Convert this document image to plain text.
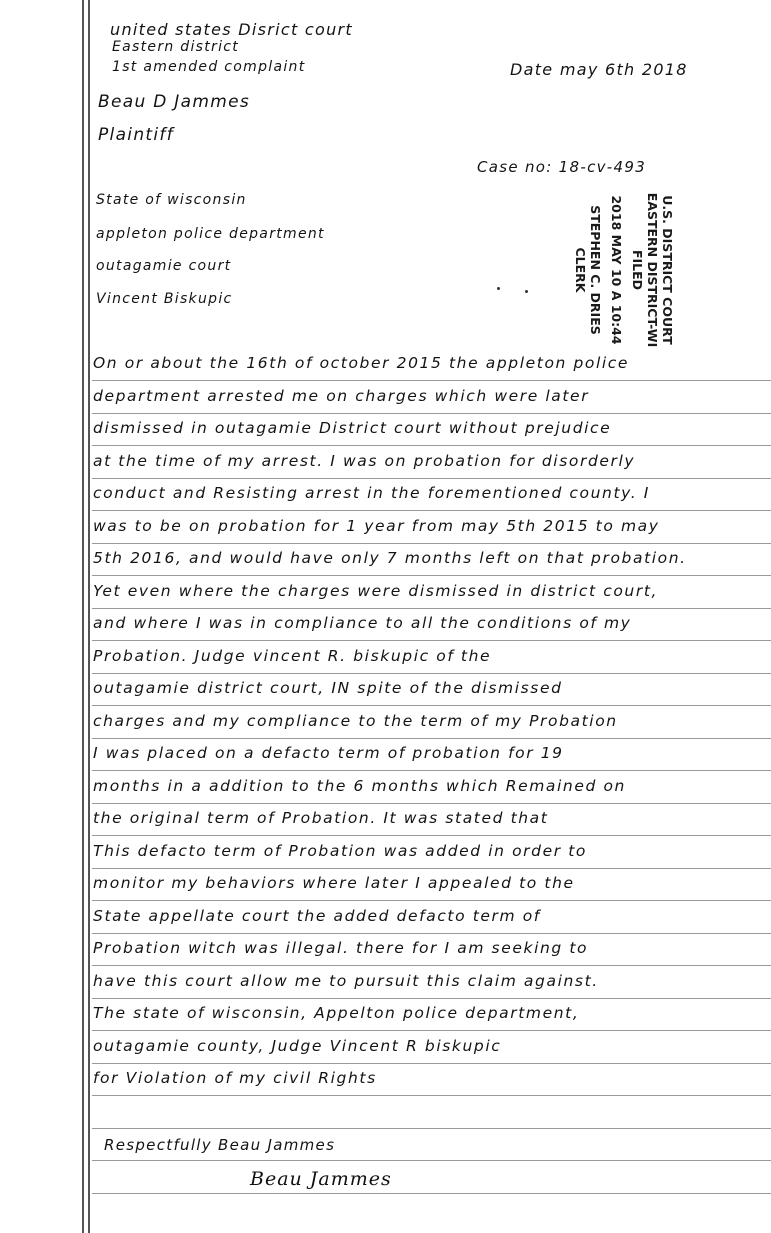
united states Disrict court
Eastern district
1st amended complaint	Date may 6th 2018
Beau D Jammes
Plaintiff
Case no: 18-cv-493
State of wisconsin
appleton police department
outagamie court
Vincent Biskupic	U.S. DISTRICT COURT
EASTERN DISTRICT-WI
FILED
2018 MAY 10 A 10:44
STEPHEN C. DRIES
CLERK
On or about the 16th of october 2015 the appleton police
department arrested me on charges which were later
dismissed in outagamie District court without prejudice
at the time of my arrest. I was on probation for disorderly
conduct and Resisting arrest in the forementioned county. I
was to be on probation for 1 year from may 5th 2015 to may
5th 2016, and would have only 7 months left on that probation.
Yet even where the charges were dismissed in district court,
and where I was in compliance to all the conditions of my
Probation. Judge vincent R. biskupic of the
outagamie district court, IN spite of the dismissed
charges and my compliance to the term of my Probation
I was placed on a defacto term of probation for 19
months in a addition to the 6 months which Remained on
the original term of Probation. It was stated that
This defacto term of Probation was added in order to
monitor my behaviors where later I appealed to the
State appellate court the added defacto term of
Probation witch was illegal. there for I am seeking to
have this court allow me to pursuit this claim against.
The state of wisconsin, Appelton police department,
outagamie county, Judge Vincent R biskupic
for Violation of my civil Rights
Respectfully Beau Jammes
Beau Jammes
